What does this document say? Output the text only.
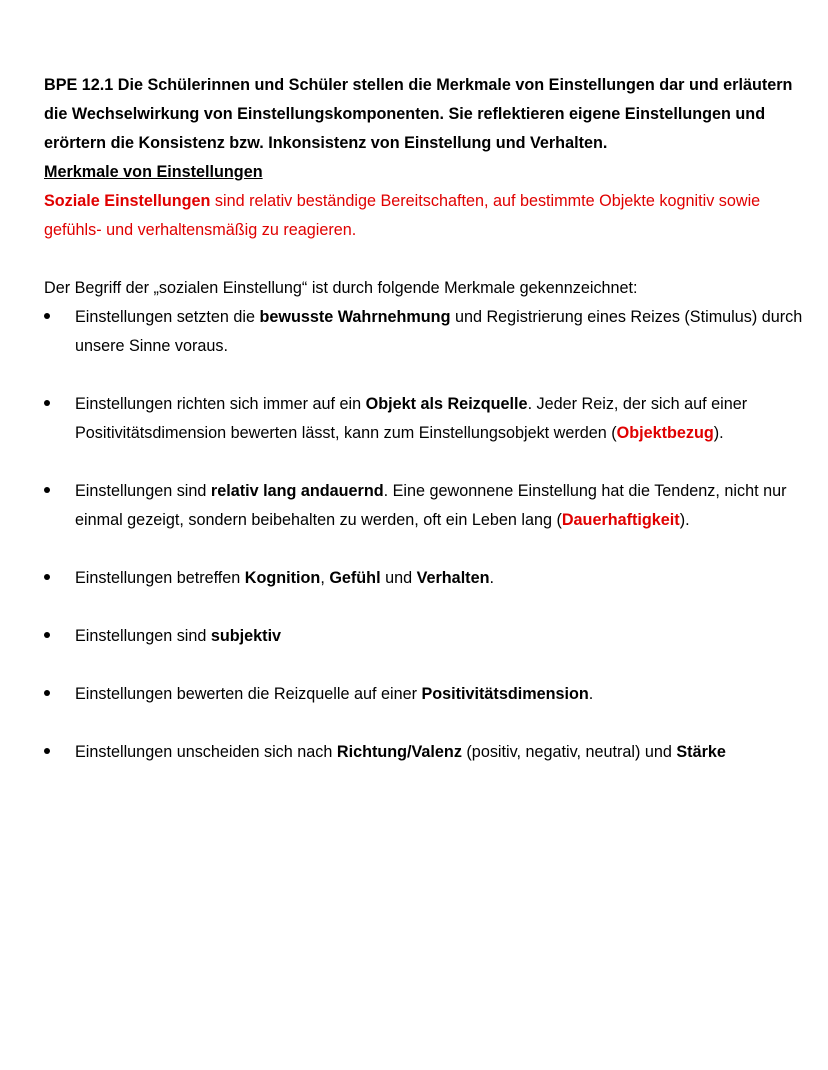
BPE 12.1 Die Schülerinnen und Schüler stellen die Merkmale von Einstellungen dar und erläutern die Wechselwirkung von Einstellungskomponenten. Sie reflektieren eigene Einstellungen und erörtern die Konsistenz bzw. Inkonsistenz von Einstellung und Verhalten.

Merkmale von Einstellungen

Soziale Einstellungen sind relativ beständige Bereitschaften, auf bestimmte Objekte kognitiv sowie gefühls- und verhaltensmäßig zu reagieren.

Der Begriff der „sozialen Einstellung“ ist durch folgende Merkmale gekennzeichnet:

Einstellungen setzten die bewusste Wahrnehmung und Registrierung eines Reizes (Stimulus) durch unsere Sinne voraus.
Einstellungen richten sich immer auf ein Objekt als Reizquelle. Jeder Reiz, der sich auf einer Positivitätsdimension bewerten lässt, kann zum Einstellungsobjekt werden (Objektbezug).
Einstellungen sind relativ lang andauernd. Eine gewonnene Einstellung hat die Tendenz, nicht nur einmal gezeigt, sondern beibehalten zu werden, oft ein Leben lang (Dauerhaftigkeit).
Einstellungen betreffen Kognition, Gefühl und Verhalten.
Einstellungen sind subjektiv
Einstellungen bewerten die Reizquelle auf einer Positivitätsdimension.
Einstellungen unscheiden sich nach Richtung/Valenz (positiv, negativ, neutral) und Stärke
